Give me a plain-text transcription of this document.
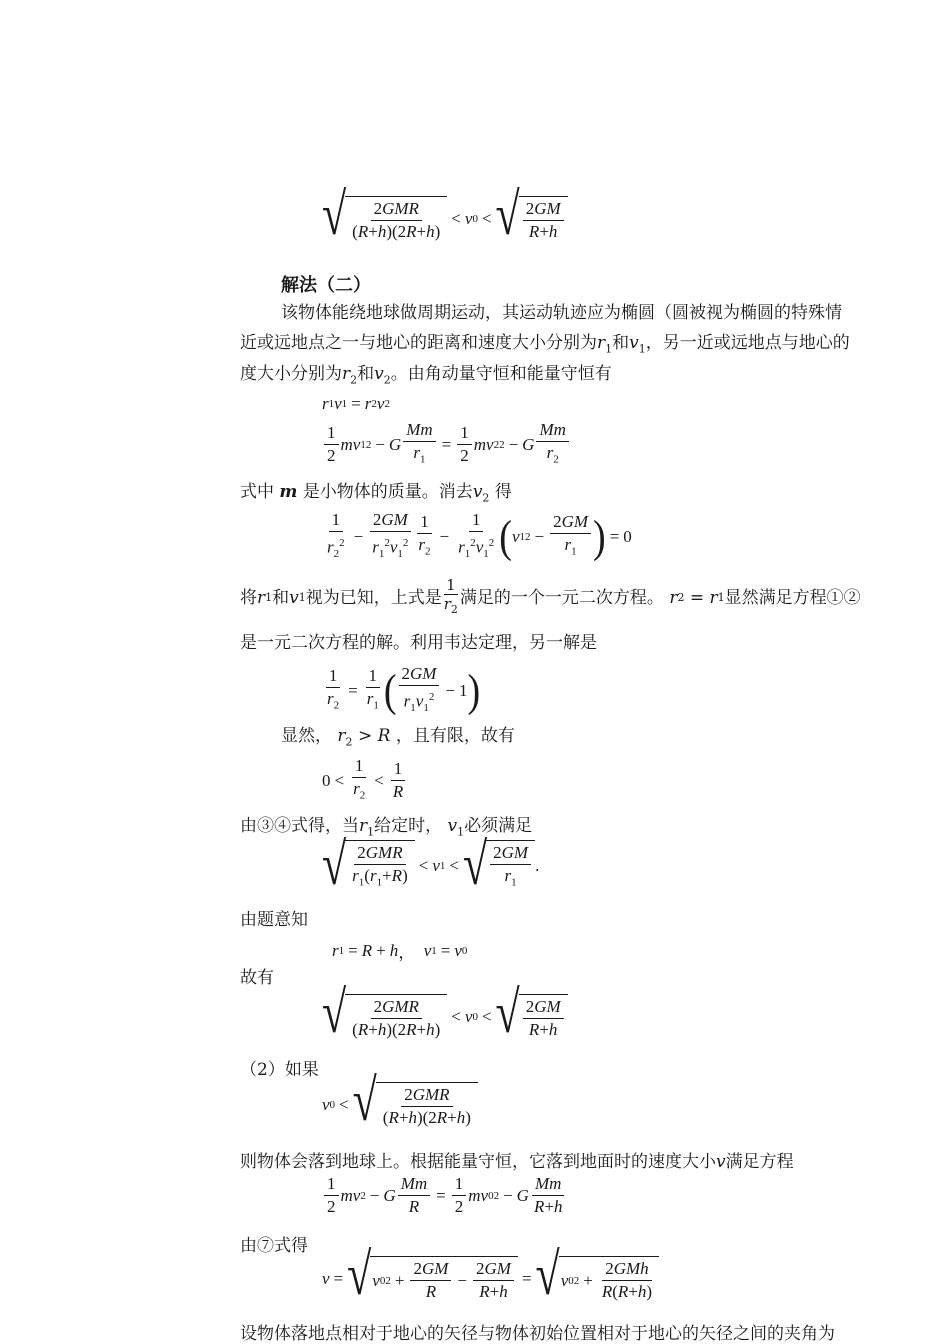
√ $\frac{\text{2GMR}}{(R+h)(2R+h)} < v$ 0 < √ $\frac{2GM}{R+h}$
解法（二）
该物体能绕地球做周期运动，其运动轨迹应为椭圆（圆被视为椭圆的特殊情
近或远地点之一与地心的距离和速度大小分别为$r_1$和$v_1$，另一近或远地点与地心的
度大小分别为$r_2$和$v_2$。由角动量守恒和能量守恒有
r 1 v 1 = r 2 v 2
$\frac{1}{2}$ mv 1 2 − G $\frac{Mm}{r_1} = \frac{1}{2}$ mv 2 2 − G $\frac{Mm}{r_2}$
式中 m 是小物体的质量。消去$v_2$ 得
$\frac{1}{r_2^2} - \frac{2GM}{r_1^2v_1^2} \frac{1}{r_2} - \frac{1}{r_1^2v_1^2}$ ( v 1 $2 - \frac{2GM}{r_1}$ ) = 0
将 r 1 和 v 1 视为已知，上式是 $\frac{1}{r_2}$ 满足的一个一元二次方程。
r 2 = r 1 显然满足方程①②
是一元二次方程的解。利用韦达定理，另一解是
$\frac{1}{r_2} = \frac{1}{r_1}$ ( $\frac{2GM}{r_1v_1^2} - 1$ )
显然， $r_2 > R$ ，且有限，故有
$0 < \frac{1}{r_2} < \frac{1}{R}$
由③④式得，当$r_1$给定时， $v_1$必须满足
√ $\frac{\text{2GMR}}{r_1(r_1+R)} < v$ 1 < √ $\frac{2GM}{r_1}$ .
由题意知
r 1 = R + h ， v 1 = v 0
故有
√ $\frac{\text{2GMR}}{(R+h)(2R+h)} < v$ 0 < √ $\frac{2GM}{R+h}$
（2）如果
v 0 < √ $\frac{\text{2GMR}}{(R+h)(2R+h)}$
则物体会落到地球上。根据能量守恒，它落到地面时的速度大小v满足方程
$\frac{1}{2}$ mv 2 − G $\frac{Mm}{R} = \frac{1}{2}$ mv 0 2 − G $\frac{Mm}{R+h}$
由⑦式得
v = √ v 0 $2 + \frac{2GM}{R} - \frac{2GM}{R+h}$ = √ v 0 $2 + \frac{\text{2GMh}}{R(R+h)}$
设物体落地点相对于地心的矢径与物体初始位置相对于地心的矢径之间的夹角为
